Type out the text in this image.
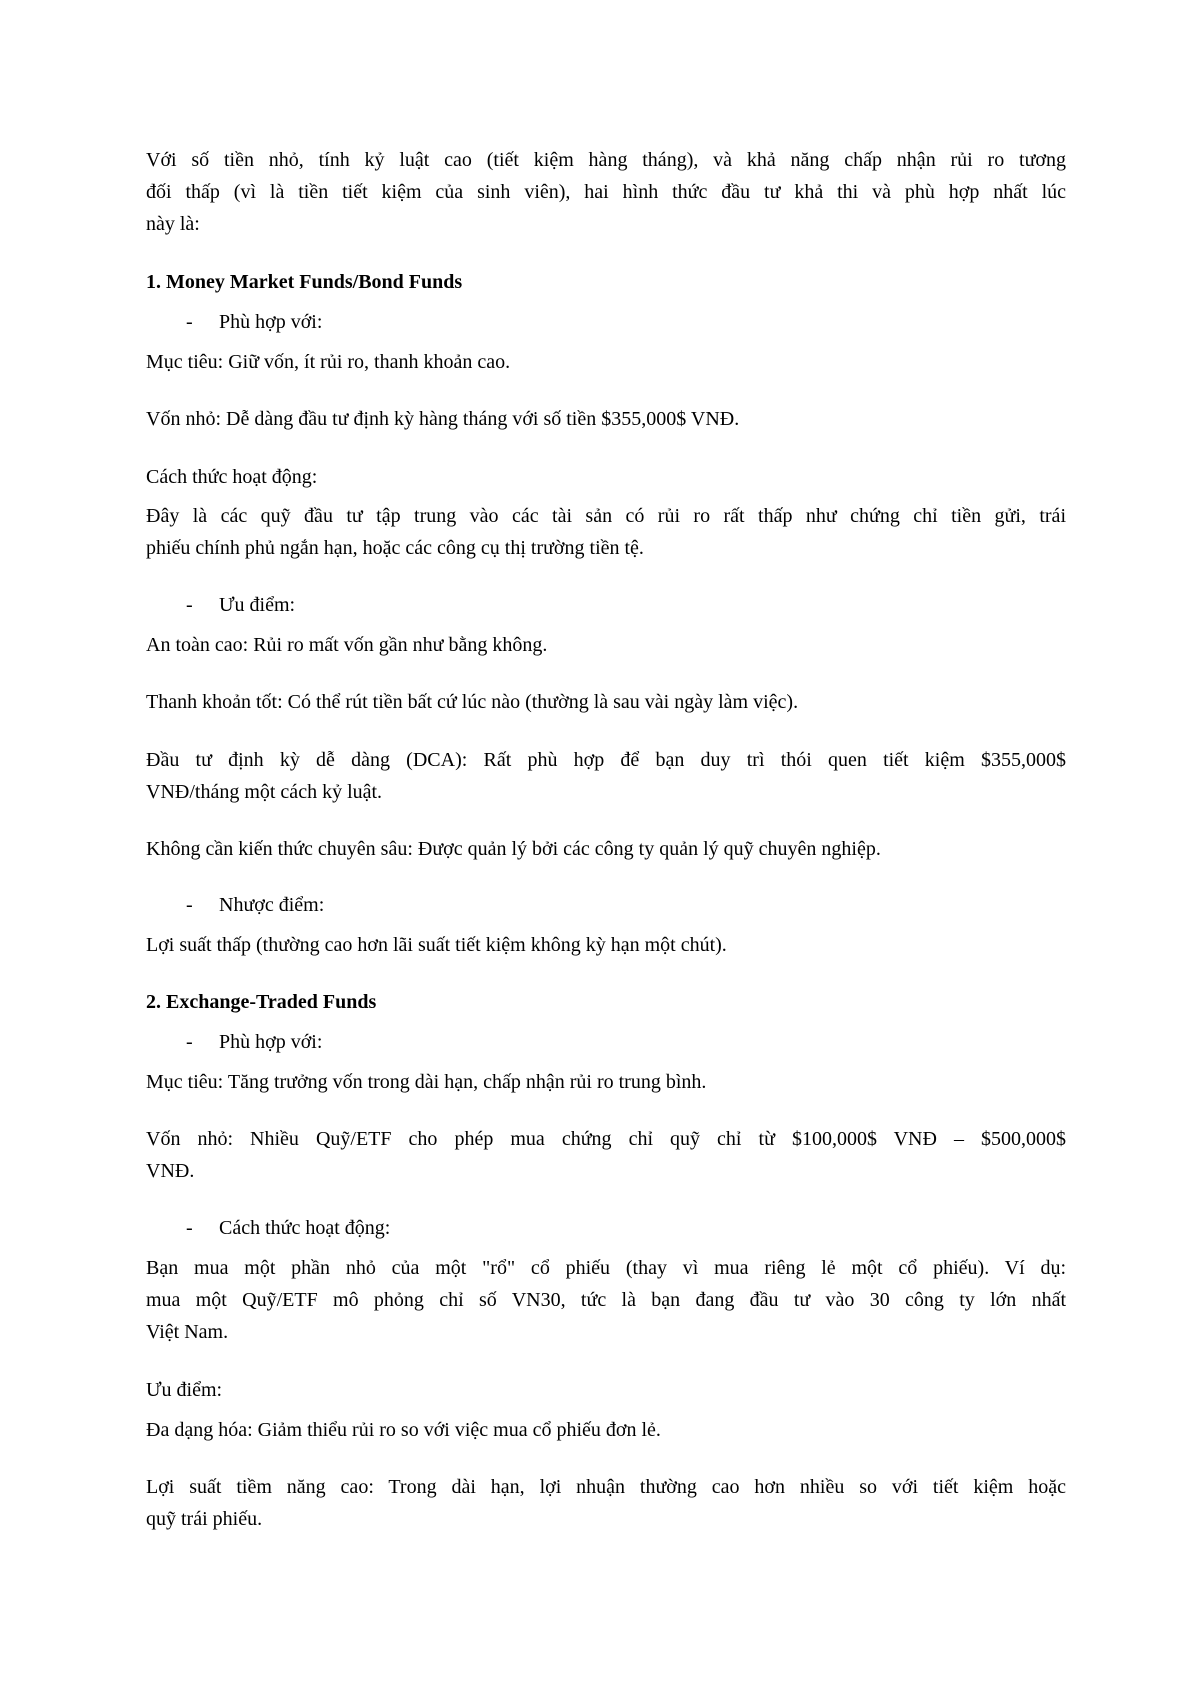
Với số tiền nhỏ, tính kỷ luật cao (tiết kiệm hàng tháng), và khả năng chấp nhận rủi ro tương
đối thấp (vì là tiền tiết kiệm của sinh viên), hai hình thức đầu tư khả thi và phù hợp nhất lúc
này là:
1. Money Market Funds/Bond Funds
- Phù hợp với:
Mục tiêu: Giữ vốn, ít rủi ro, thanh khoản cao.
Vốn nhỏ: Dễ dàng đầu tư định kỳ hàng tháng với số tiền $355,000$ VNĐ.
Cách thức hoạt động:
Đây là các quỹ đầu tư tập trung vào các tài sản có rủi ro rất thấp như chứng chỉ tiền gửi, trái
phiếu chính phủ ngắn hạn, hoặc các công cụ thị trường tiền tệ.
- Ưu điểm:
An toàn cao: Rủi ro mất vốn gần như bằng không.
Thanh khoản tốt: Có thể rút tiền bất cứ lúc nào (thường là sau vài ngày làm việc).
Đầu tư định kỳ dễ dàng (DCA): Rất phù hợp để bạn duy trì thói quen tiết kiệm $355,000$
VNĐ/tháng một cách kỷ luật.
Không cần kiến thức chuyên sâu: Được quản lý bởi các công ty quản lý quỹ chuyên nghiệp.
- Nhược điểm:
Lợi suất thấp (thường cao hơn lãi suất tiết kiệm không kỳ hạn một chút).
2. Exchange-Traded Funds
- Phù hợp với:
Mục tiêu: Tăng trưởng vốn trong dài hạn, chấp nhận rủi ro trung bình.
Vốn nhỏ: Nhiều Quỹ/ETF cho phép mua chứng chỉ quỹ chỉ từ $100,000$ VNĐ – $500,000$
VNĐ.
- Cách thức hoạt động:
Bạn mua một phần nhỏ của một "rổ" cổ phiếu (thay vì mua riêng lẻ một cổ phiếu). Ví dụ:
mua một Quỹ/ETF mô phỏng chỉ số VN30, tức là bạn đang đầu tư vào 30 công ty lớn nhất
Việt Nam.
Ưu điểm:
Đa dạng hóa: Giảm thiểu rủi ro so với việc mua cổ phiếu đơn lẻ.
Lợi suất tiềm năng cao: Trong dài hạn, lợi nhuận thường cao hơn nhiều so với tiết kiệm hoặc
quỹ trái phiếu.
